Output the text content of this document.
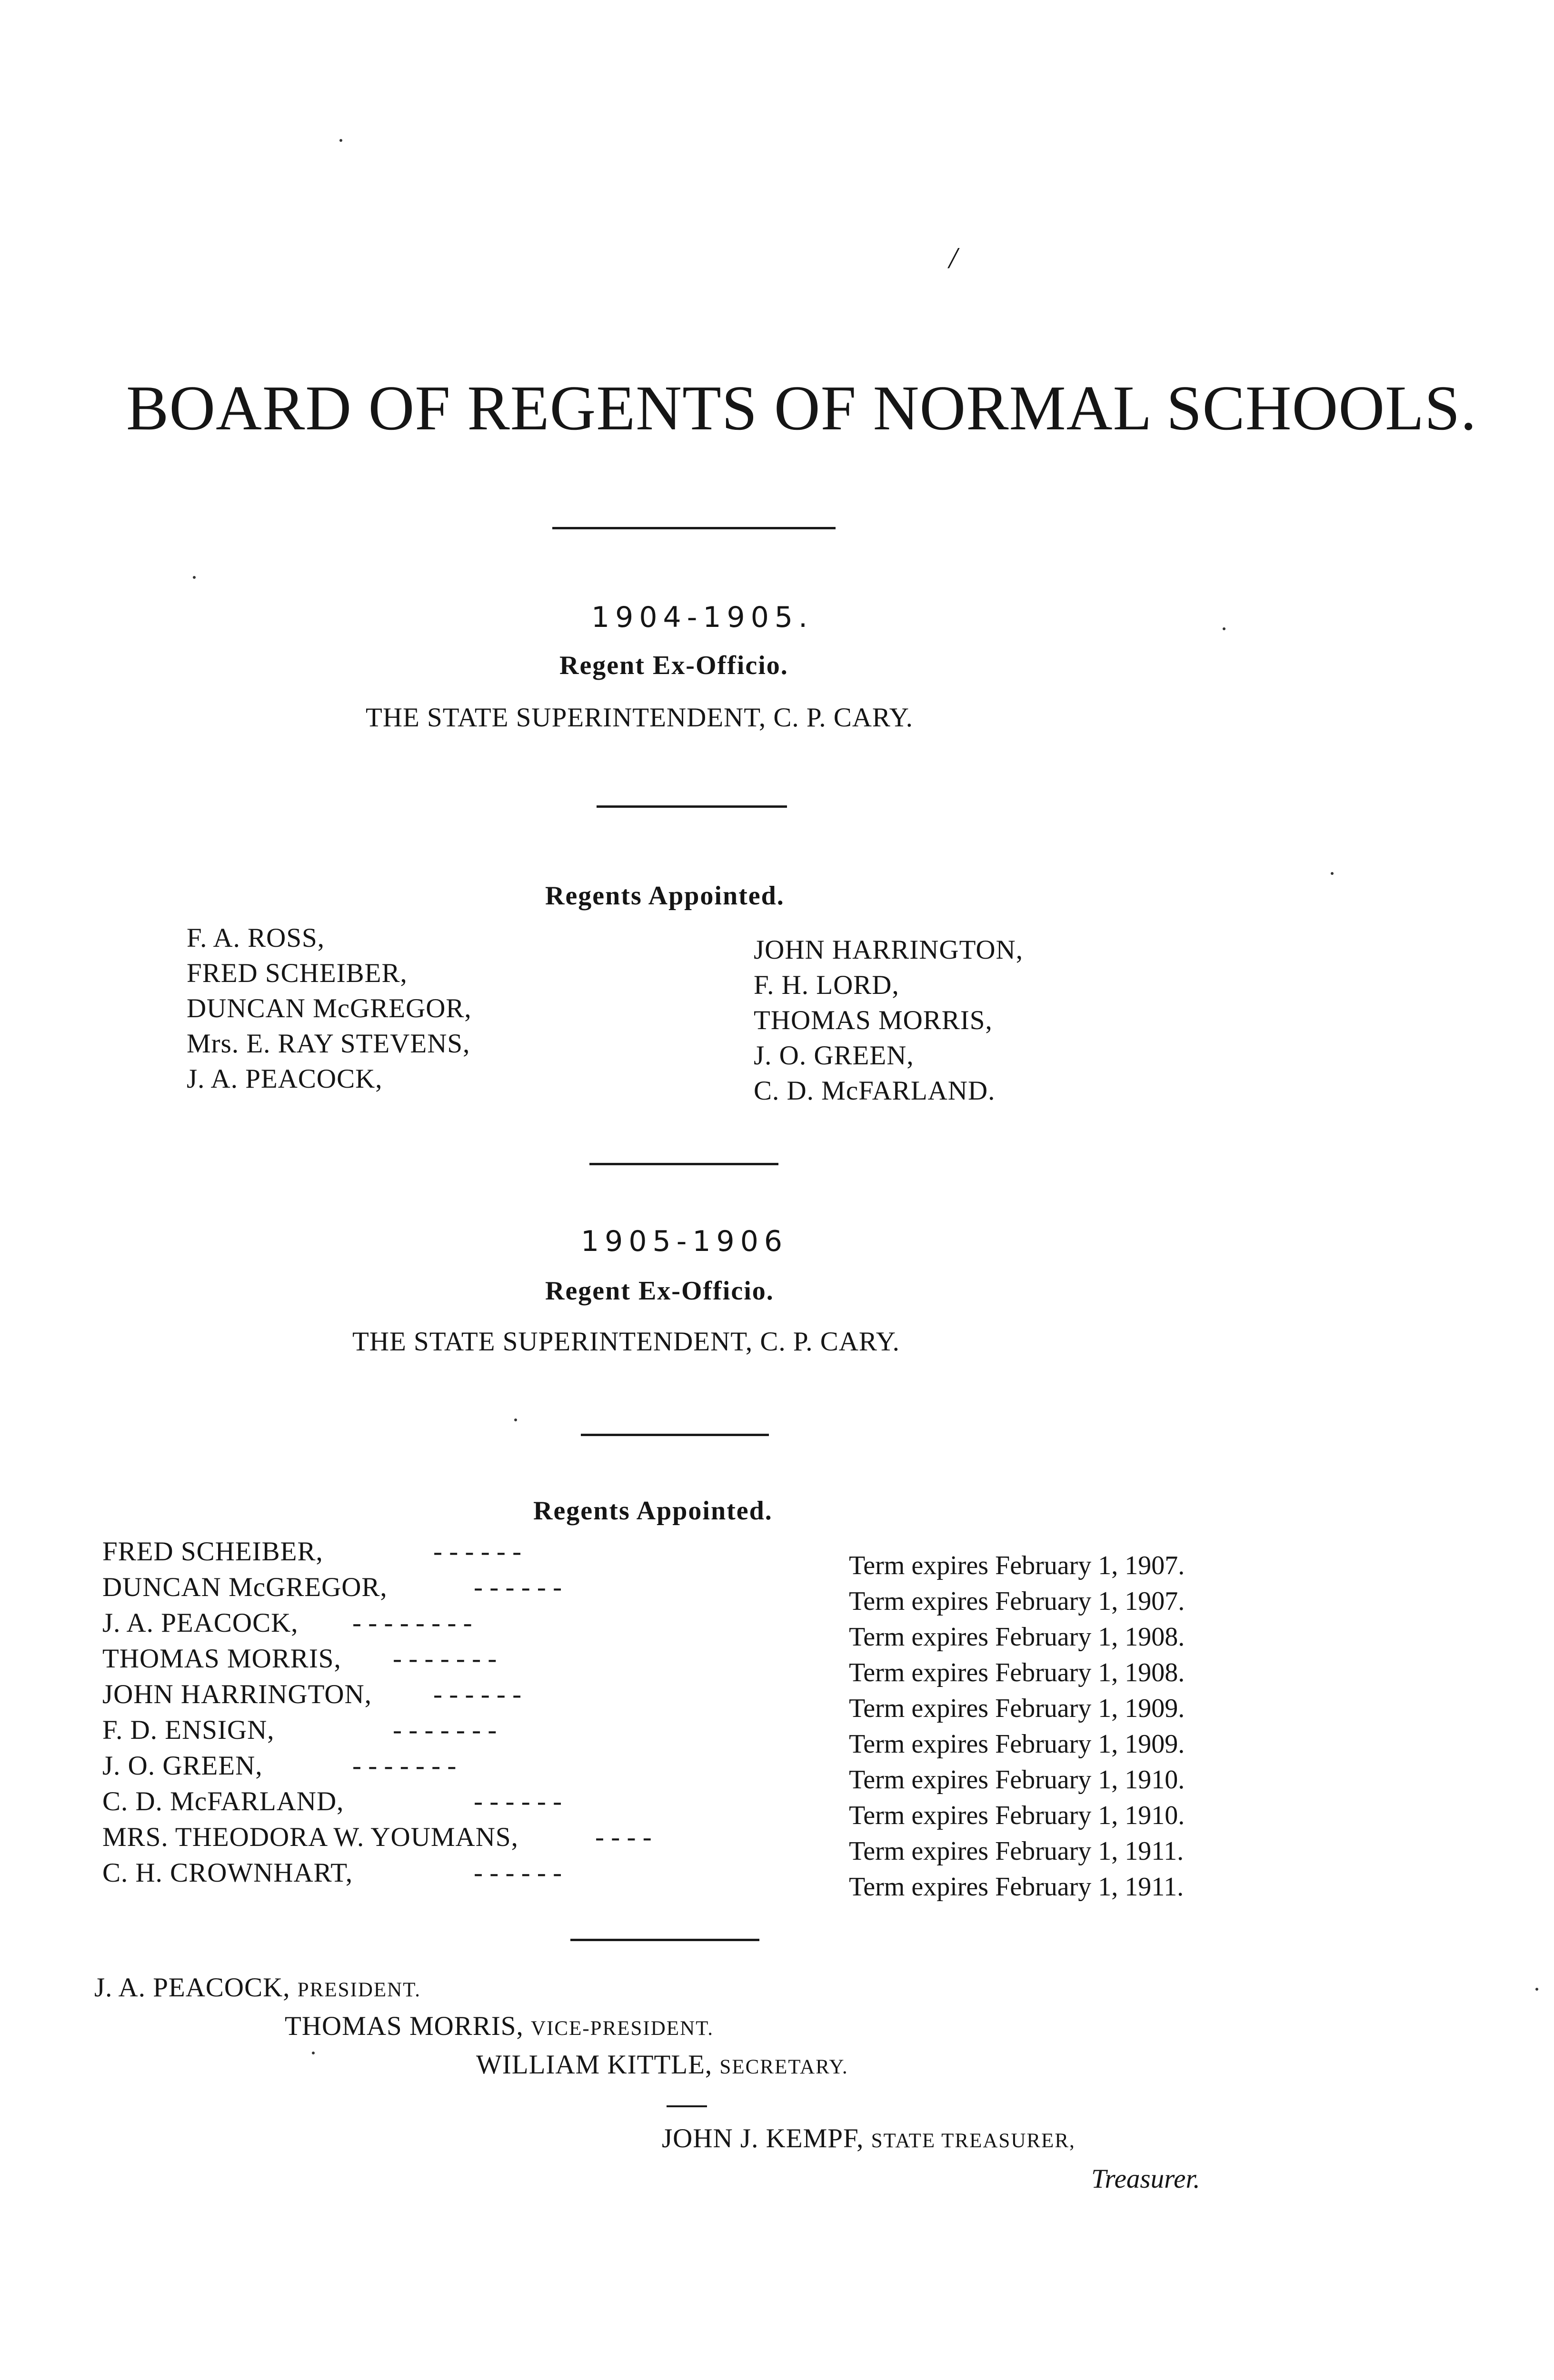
/
BOARD OF REGENTS OF NORMAL SCHOOLS.
1904-1905.
Regent Ex-Officio.
THE STATE SUPERINTENDENT, C. P. CARY.
Regents Appointed.
F. A. ROSS,
FRED SCHEIBER,
DUNCAN McGREGOR,
Mrs. E. RAY STEVENS,
J. A. PEACOCK,
JOHN HARRINGTON,
F. H. LORD,
THOMAS MORRIS,
J. O. GREEN,
C. D. McFARLAND.
1905-1906
Regent Ex-Officio.
THE STATE SUPERINTENDENT, C. P. CARY.
Regents Appointed.
FRED SCHEIBER,	- - - - - -	Term expires February 1, 1907.
DUNCAN McGREGOR,	- - - - - -	Term expires February 1, 1907.
J. A. PEACOCK, - - - - - - - -	Term expires February 1, 1908.
THOMAS MORRIS, - - - - - - -	Term expires February 1, 1908.
JOHN HARRINGTON, - - - - - -	Term expires February 1, 1909.
F. D. ENSIGN,	- - - - - - -	Term expires February 1, 1909.
J. O. GREEN,	- - - - - - -	Term expires February 1, 1910.
C. D. McFARLAND,	- - - - - -	Term expires February 1, 1910.
MRS. THEODORA W. YOUMANS,	- - - -	Term expires February 1, 1911.
C. H. CROWNHART,	- - - - - -	Term expires February 1, 1911.
J. A. PEACOCK, PRESIDENT.
THOMAS MORRIS, VICE-PRESIDENT.
WILLIAM KITTLE, SECRETARY.
JOHN J. KEMPF, STATE TREASURER,
Treasurer.
